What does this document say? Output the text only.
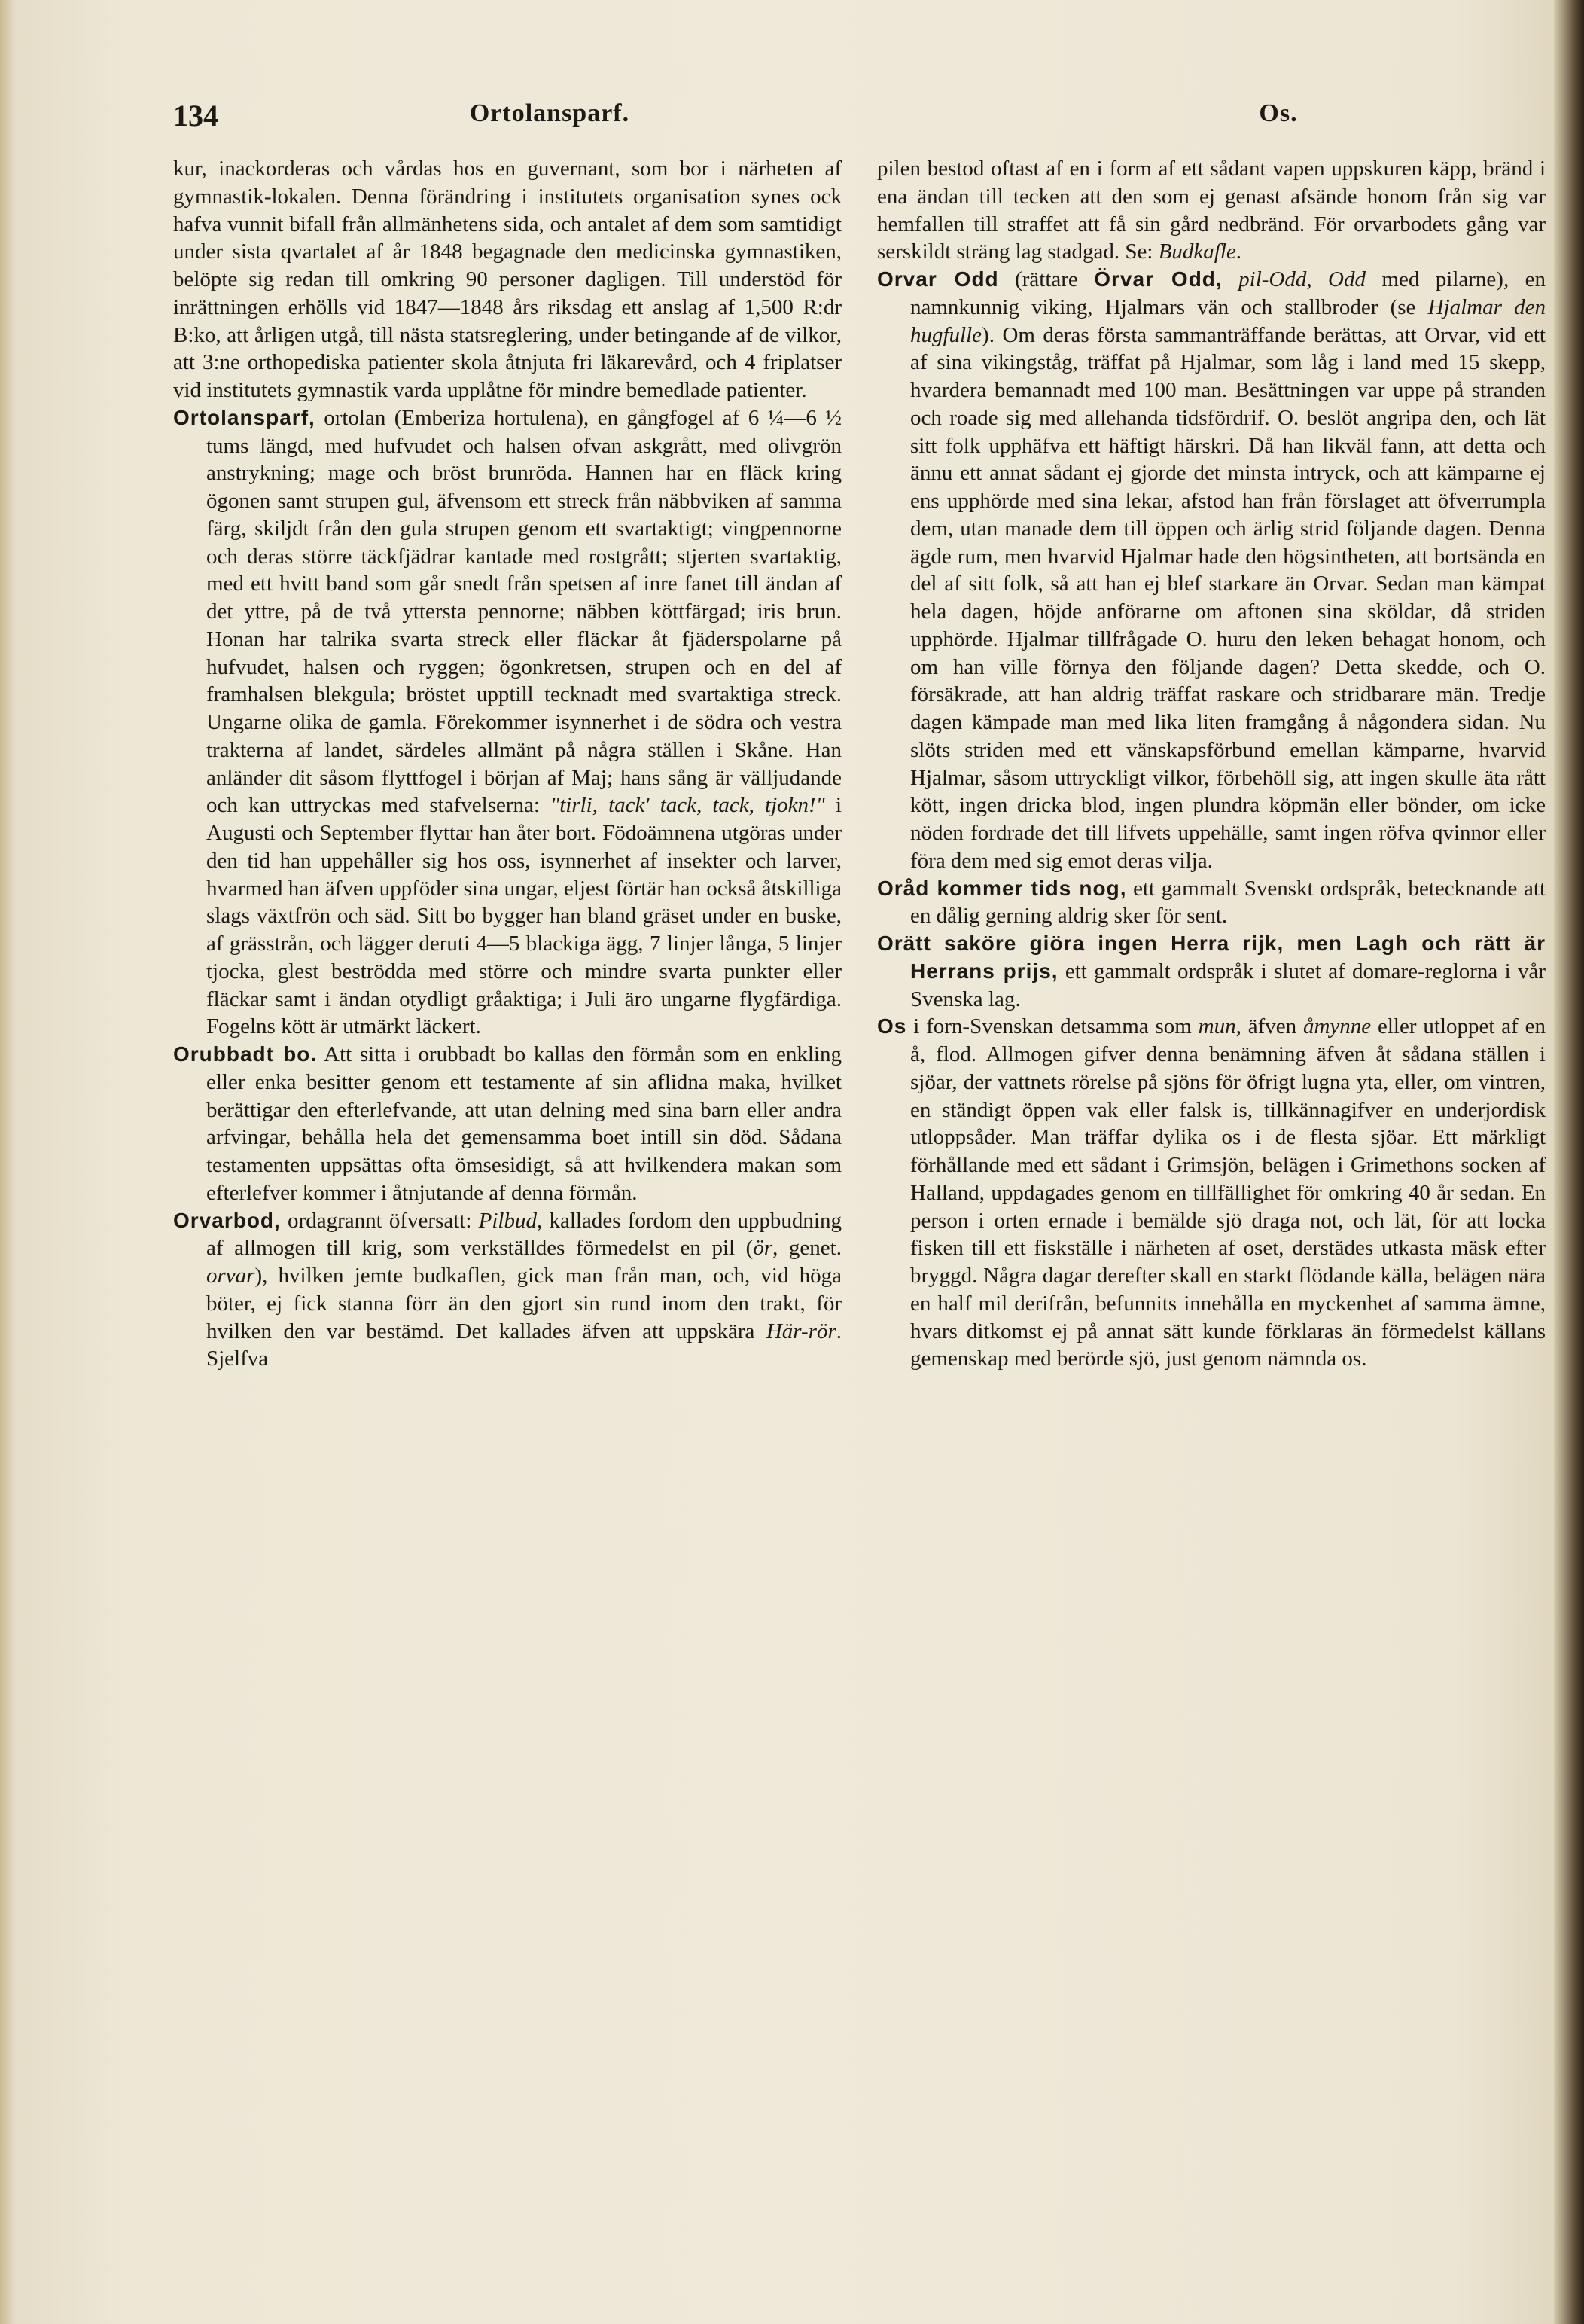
134	Ortolansparf.	Os.

kur, inackorderas och vårdas hos en guvernant, som bor i närheten af gymnastik-lokalen. Denna förändring i institutets organisation synes ock hafva vunnit bifall från allmänhetens sida, och antalet af dem som samtidigt under sista qvartalet af år 1848 begagnade den medicinska gymnastiken, belöpte sig redan till omkring 90 personer dagligen. Till understöd för inrättningen erhölls vid 1847—1848 års riksdag ett anslag af 1,500 R:dr B:ko, att årligen utgå, till nästa statsreglering, under betingande af de vilkor, att 3:ne orthopediska patienter skola åtnjuta fri läkarevård, och 4 friplatser vid institutets gymnastik varda upplåtne för mindre bemedlade patienter.

Ortolansparf, ortolan (Emberiza hortulena), en gångfogel af 6 ¼—6 ½ tums längd, med hufvudet och halsen ofvan askgrått, med olivgrön anstrykning; mage och bröst brunröda. Hannen har en fläck kring ögonen samt strupen gul, äfvensom ett streck från näbbviken af samma färg, skiljdt från den gula strupen genom ett svartaktigt; vingpennorne och deras större täckfjädrar kantade med rostgrått; stjerten svartaktig, med ett hvitt band som går snedt från spetsen af inre fanet till ändan af det yttre, på de två yttersta pennorne; näbben köttfärgad; iris brun. Honan har talrika svarta streck eller fläckar åt fjäderspolarne på hufvudet, halsen och ryggen; ögonkretsen, strupen och en del af framhalsen blekgula; bröstet upptill tecknadt med svartaktiga streck. Ungarne olika de gamla. Förekommer isynnerhet i de södra och vestra trakterna af landet, särdeles allmänt på några ställen i Skåne. Han anländer dit såsom flyttfogel i början af Maj; hans sång är välljudande och kan uttryckas med stafvelserna: "tirli, tack' tack, tack, tjokn!" i Augusti och September flyttar han åter bort. Födoämnena utgöras under den tid han uppehåller sig hos oss, isynnerhet af insekter och larver, hvarmed han äfven uppföder sina ungar, eljest förtär han också åtskilliga slags växtfrön och säd. Sitt bo bygger han bland gräset under en buske, af grässtrån, och lägger deruti 4—5 blackiga ägg, 7 linjer långa, 5 linjer tjocka, glest beströdda med större och mindre svarta punkter eller fläckar samt i ändan otydligt gråaktiga; i Juli äro ungarne flygfärdiga. Fogelns kött är utmärkt läckert.

Orubbadt bo. Att sitta i orubbadt bo kallas den förmån som en enkling eller enka besitter genom ett testamente af sin aflidna maka, hvilket berättigar den efterlefvande, att utan delning med sina barn eller andra arfvingar, behålla hela det gemensamma boet intill sin död. Sådana testamenten uppsättas ofta ömsesidigt, så att hvilkendera makan som efterlefver kommer i åtnjutande af denna förmån.

Orvarbod, ordagrannt öfversatt: Pilbud, kallades fordom den uppbudning af allmogen till krig, som verkställdes förmedelst en pil (ör, genet. orvar), hvilken jemte budkaflen, gick man från man, och, vid höga böter, ej fick stanna förr än den gjort sin rund inom den trakt, för hvilken den var bestämd. Det kallades äfven att uppskära Här-rör. Sjelfva

pilen bestod oftast af en i form af ett sådant vapen uppskuren käpp, bränd i ena ändan till tecken att den som ej genast afsände honom från sig var hemfallen till straffet att få sin gård nedbränd. För orvarbodets gång var serskildt sträng lag stadgad. Se: Budkafle.

Orvar Odd (rättare Örvar Odd, pil-Odd, Odd med pilarne), en namnkunnig viking, Hjalmars vän och stallbroder (se Hjalmar den hugfulle). Om deras första sammanträffande berättas, att Orvar, vid ett af sina vikingståg, träffat på Hjalmar, som låg i land med 15 skepp, hvardera bemannadt med 100 man. Besättningen var uppe på stranden och roade sig med allehanda tidsfördrif. O. beslöt angripa den, och lät sitt folk upphäfva ett häftigt härskri. Då han likväl fann, att detta och ännu ett annat sådant ej gjorde det minsta intryck, och att kämparne ej ens upphörde med sina lekar, afstod han från förslaget att öfverrumpla dem, utan manade dem till öppen och ärlig strid följande dagen. Denna ägde rum, men hvarvid Hjalmar hade den högsintheten, att bortsända en del af sitt folk, så att han ej blef starkare än Orvar. Sedan man kämpat hela dagen, höjde anförarne om aftonen sina sköldar, då striden upphörde. Hjalmar tillfrågade O. huru den leken behagat honom, och om han ville förnya den följande dagen? Detta skedde, och O. försäkrade, att han aldrig träffat raskare och stridbarare män. Tredje dagen kämpade man med lika liten framgång å någondera sidan. Nu slöts striden med ett vänskapsförbund emellan kämparne, hvarvid Hjalmar, såsom uttryckligt vilkor, förbehöll sig, att ingen skulle äta rått kött, ingen dricka blod, ingen plundra köpmän eller bönder, om icke nöden fordrade det till lifvets uppehälle, samt ingen röfva qvinnor eller föra dem med sig emot deras vilja.

Oråd kommer tids nog, ett gammalt Svenskt ordspråk, betecknande att en dålig gerning aldrig sker för sent.

Orätt saköre giöra ingen Herra rijk, men Lagh och rätt är Herrans prijs, ett gammalt ordspråk i slutet af domare-reglorna i vår Svenska lag.

Os i forn-Svenskan detsamma som mun, äfven åmynne eller utloppet af en å, flod. Allmogen gifver denna benämning äfven åt sådana ställen i sjöar, der vattnets rörelse på sjöns för öfrigt lugna yta, eller, om vintren, en ständigt öppen vak eller falsk is, tillkännagifver en underjordisk utloppsåder. Man träffar dylika os i de flesta sjöar. Ett märkligt förhållande med ett sådant i Grimsjön, belägen i Grimethons socken af Halland, uppdagades genom en tillfällighet för omkring 40 år sedan. En person i orten ernade i bemälde sjö draga not, och lät, för att locka fisken till ett fiskställe i närheten af oset, derstädes utkasta mäsk efter bryggd. Några dagar derefter skall en starkt flödande källa, belägen nära en half mil derifrån, befunnits innehålla en myckenhet af samma ämne, hvars ditkomst ej på annat sätt kunde förklaras än förmedelst källans gemenskap med berörde sjö, just genom nämnda os.
